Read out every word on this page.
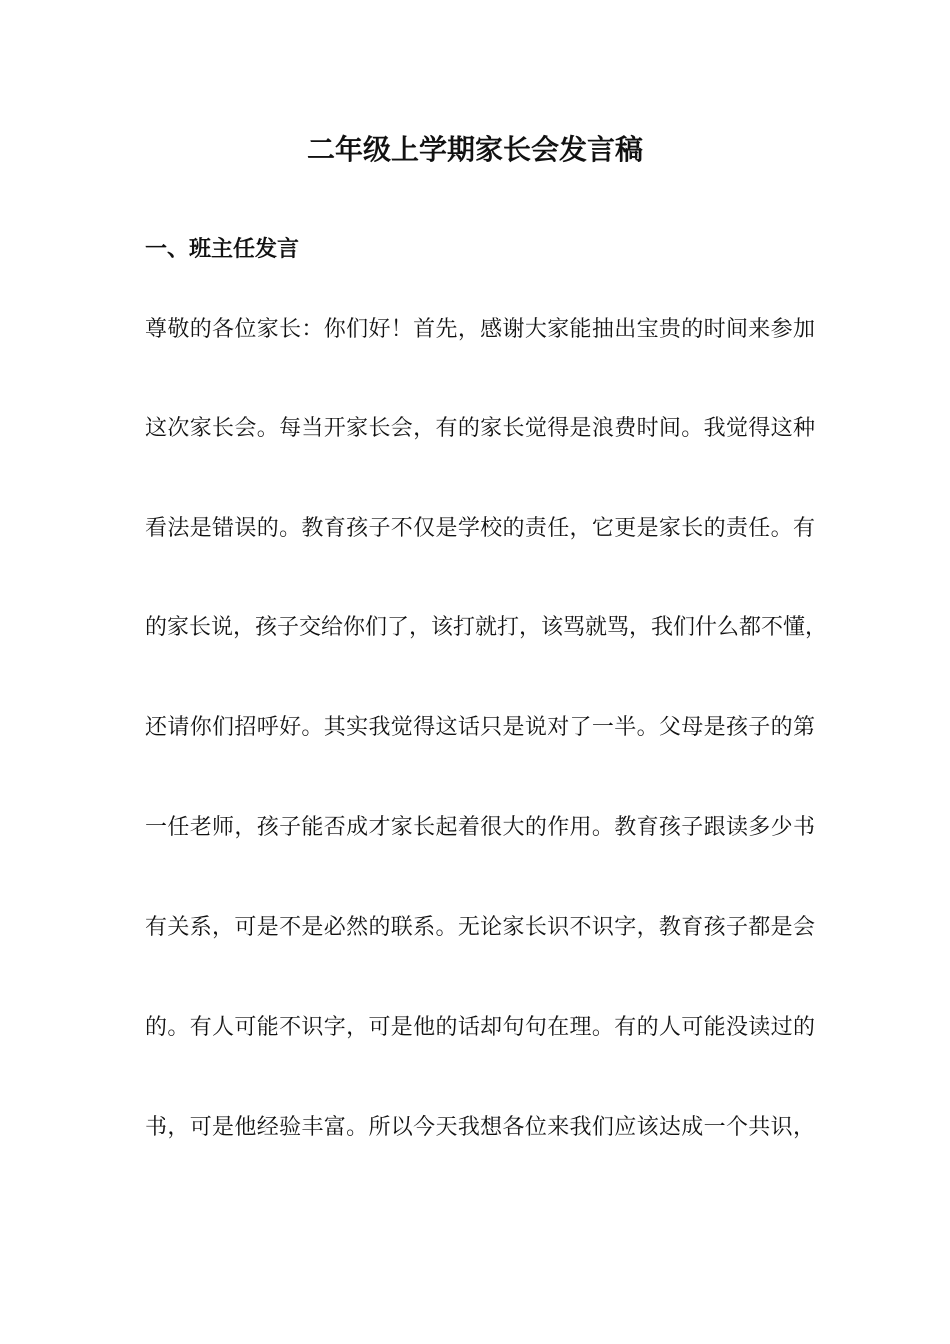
二年级上学期家长会发言稿
一、班主任发言

尊敬的各位家长：你们好！首先，感谢大家能抽出宝贵的时间来参加

这次家长会。每当开家长会，有的家长觉得是浪费时间。我觉得这种

看法是错误的。教育孩子不仅是学校的责任，它更是家长的责任。有

的家长说，孩子交给你们了，该打就打，该骂就骂，我们什么都不懂，

还请你们招呼好。其实我觉得这话只是说对了一半。父母是孩子的第

一任老师，孩子能否成才家长起着很大的作用。教育孩子跟读多少书

有关系，可是不是必然的联系。无论家长识不识字，教育孩子都是会

的。有人可能不识字，可是他的话却句句在理。有的人可能没读过的

书，可是他经验丰富。所以今天我想各位来我们应该达成一个共识，
